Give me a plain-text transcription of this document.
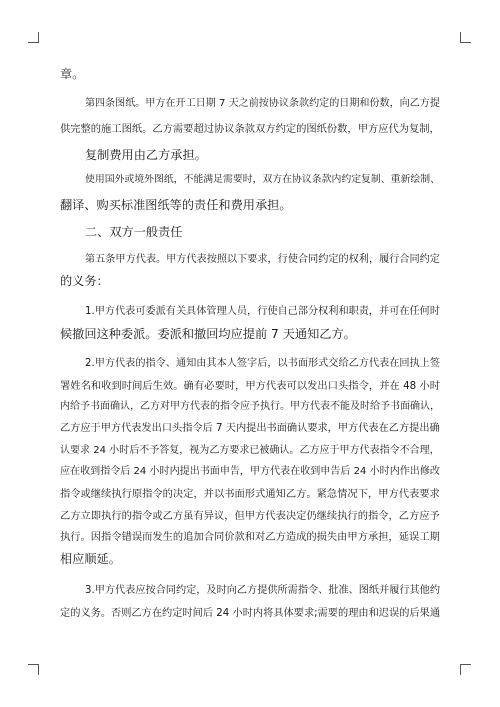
章。
第四条图纸。甲方在开工日期 7 天之前按协议条款约定的日期和份数，向乙方提
供完整的施工图纸。乙方需要超过协议条款双方约定的图纸份数，甲方应代为复制，
复制费用由乙方承担。
使用国外或境外图纸，不能满足需要时，双方在协议条款内约定复制、重新绘制、
翻译、购买标准图纸等的责任和费用承担。
二、双方一般责任
第五条甲方代表。甲方代表按照以下要求，行使合同约定的权利，履行合同约定
的义务：
1.甲方代表可委派有关具体管理人员，行使自己部分权利和职责，并可在任何时
候撤回这种委派。委派和撤回均应提前 7 天通知乙方。
2.甲方代表的指令、通知由其本人签字后，以书面形式交给乙方代表在回执上签
署姓名和收到时间后生效。确有必要时，甲方代表可以发出口头指令，并在 48 小时
内给予书面确认，乙方对甲方代表的指令应予执行。甲方代表不能及时给予书面确认，
乙方应于甲方代表发出口头指令后 7 天内提出书面确认要求，甲方代表在乙方提出确
认要求 24 小时后不予答复，视为乙方要求已被确认。乙方应于甲方代表指令不合理，
应在收到指令后 24 小时内提出书面申告，甲方代表在收到申告后 24 小时内作出修改
指令或继续执行原指令的决定，并以书面形式通知乙方。紧急情况下，甲方代表要求
乙方立即执行的指令或乙方虽有异议，但甲方代表决定仍继续执行的指令，乙方应予
执行。因指令错误而发生的追加合同价款和对乙方造成的损失由甲方承担，延误工期
相应顺延。
3.甲方代表应按合同约定，及时向乙方提供所需指令、批准、图纸并履行其他约
定的义务。否则乙方在约定时间后 24 小时内将具体要求;需要的理由和迟误的后果通
